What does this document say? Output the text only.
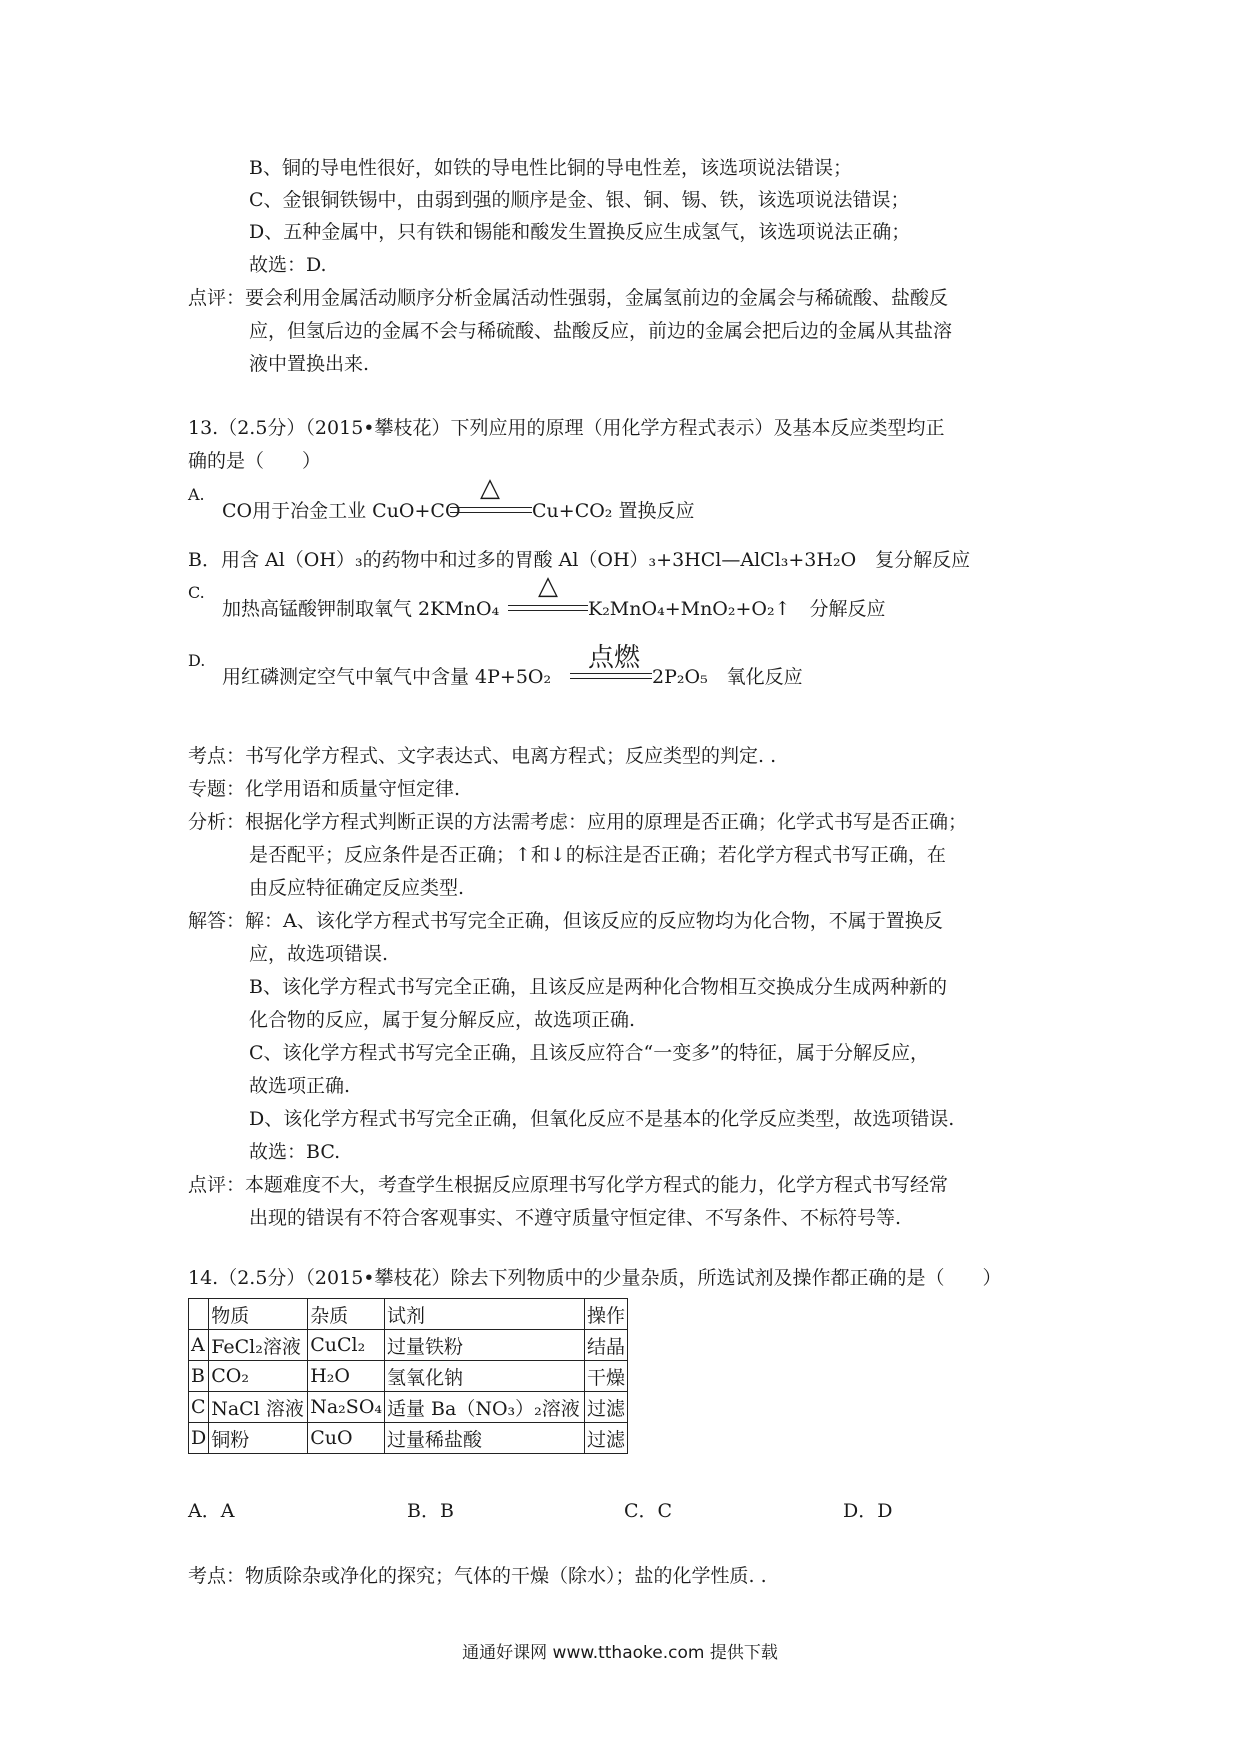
B、铜的导电性很好，如铁的导电性比铜的导电性差，该选项说法错误；
C、金银铜铁锡中，由弱到强的顺序是金、银、铜、锡、铁，该选项说法错误；
D、五种金属中，只有铁和锡能和酸发生置换反应生成氢气，该选项说法正确；
故选：D.
点评：要会利用金属活动顺序分析金属活动性强弱，金属氢前边的金属会与稀硫酸、盐酸反
应，但氢后边的金属不会与稀硫酸、盐酸反应，前边的金属会把后边的金属从其盐溶
液中置换出来.
13.（2.5分）（2015•攀枝花）下列应用的原理（用化学方程式表示）及基本反应类型均正
确的是（　　）
A.
CO用于冶金工业 CuO+CO
△
Cu+CO₂ 置换反应
B．用含 Al（OH）₃的药物中和过多的胃酸 Al（OH）₃+3HCl—AlCl₃+3H₂O　复分解反应
C.
加热高锰酸钾制取氧气 2KMnO₄
△
K₂MnO₄+MnO₂+O₂↑　分解反应
D.
用红磷测定空气中氧气中含量 4P+5O₂
点燃
2P₂O₅　氧化反应
考点：书写化学方程式、文字表达式、电离方程式；反应类型的判定. .
专题：化学用语和质量守恒定律.
分析：根据化学方程式判断正误的方法需考虑：应用的原理是否正确；化学式书写是否正确；
是否配平；反应条件是否正确；↑和↓的标注是否正确；若化学方程式书写正确，在
由反应特征确定反应类型.
解答：解：A、该化学方程式书写完全正确，但该反应的反应物均为化合物，不属于置换反
应，故选项错误.
B、该化学方程式书写完全正确，且该反应是两种化合物相互交换成分生成两种新的
化合物的反应，属于复分解反应，故选项正确.
C、该化学方程式书写完全正确，且该反应符合“一变多”的特征，属于分解反应，
故选项正确.
D、该化学方程式书写完全正确，但氧化反应不是基本的化学反应类型，故选项错误.
故选：BC.
点评：本题难度不大，考查学生根据反应原理书写化学方程式的能力，化学方程式书写经常
出现的错误有不符合客观事实、不遵守质量守恒定律、不写条件、不标符号等.
14.（2.5分）（2015•攀枝花）除去下列物质中的少量杂质，所选试剂及操作都正确的是（　　）
	物质	杂质	试剂	操作
A	FeCl₂溶液	CuCl₂	过量铁粉	结晶
B	CO₂	H₂O	氢氧化钠	干燥
C	NaCl 溶液	Na₂SO₄	适量 Ba（NO₃）₂溶液	过滤
D	铜粉	CuO	过量稀盐酸	过滤
A．A	B．B	C．C	D．D
考点：物质除杂或净化的探究；气体的干燥（除水）；盐的化学性质. .
通通好课网 www.tthaoke.com 提供下载
